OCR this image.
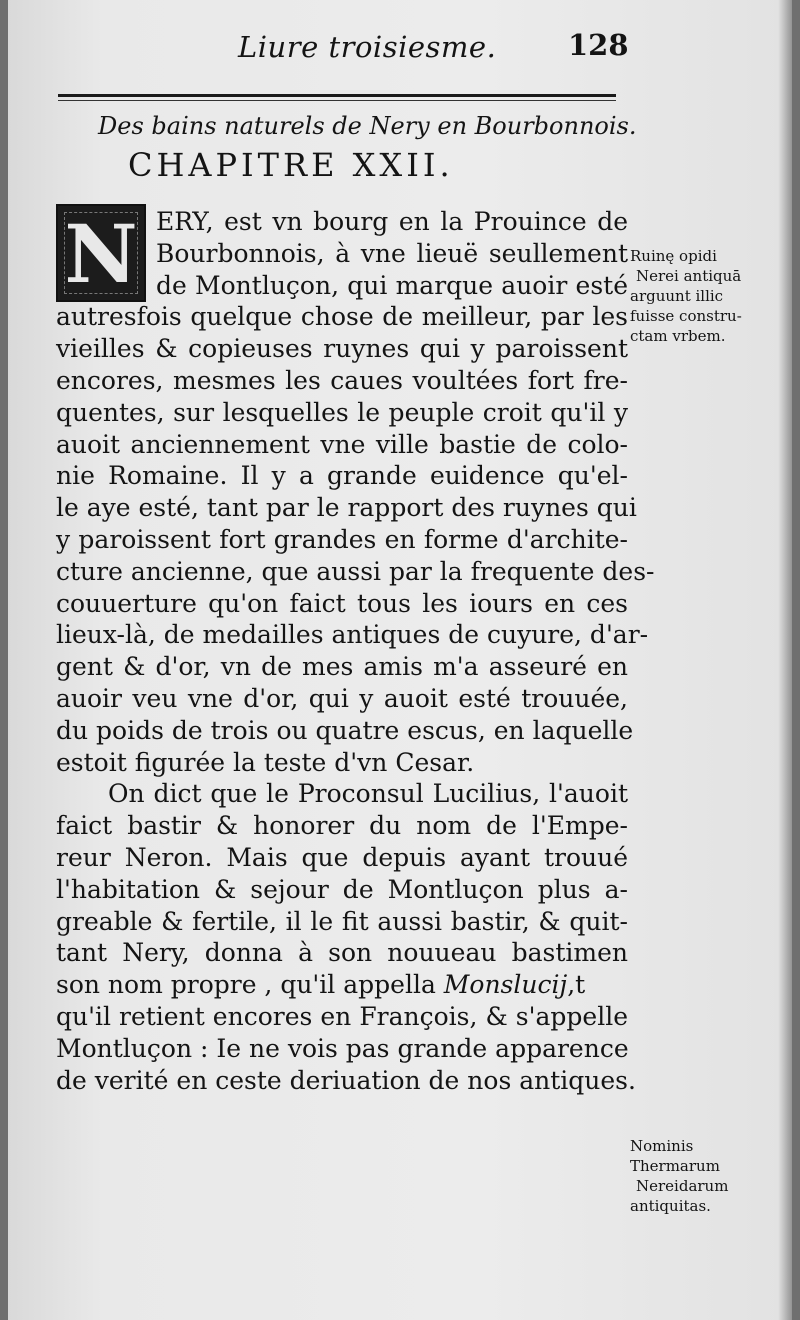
Liure troisiesme. 128
Des bains naturels de Nery en Bourbonnois.
CHAPITRE XXII.
N ERY, est vn bourg en la Prouince de
Bourbonnois, à vne lieuë seullement
de Montluçon, qui marque auoir esté
autresfois quelque chose de meilleur, par les
vieilles & copieuses ruynes qui y paroissent
encores, mesmes les caues voultées fort fre-
quentes, sur lesquelles le peuple croit qu'il y
auoit anciennement vne ville bastie de colo-
nie Romaine. Il y a grande euidence qu'el-
le aye esté, tant par le rapport des ruynes qui
y paroissent fort grandes en forme d'archite-
cture ancienne, que aussi par la frequente des-
couuerture qu'on faict tous les iours en ces
lieux-là, de medailles antiques de cuyure, d'ar-
gent & d'or, vn de mes amis m'a asseuré en
auoir veu vne d'or, qui y auoit esté trouuée,
du poids de trois ou quatre escus, en laquelle
estoit figurée la teste d'vn Cesar.
On dict que le Proconsul Lucilius, l'auoit
faict bastir & honorer du nom de l'Empe-
reur Neron. Mais que depuis ayant trouué
l'habitation & sejour de Montluçon plus a-
greable & fertile, il le fit aussi bastir, & quit-
tant Nery, donna à son nouueau bastimen
son nom propre , qu'il appella Monslucij,t
qu'il retient encores en François, & s'appelle
Montluçon : Ie ne vois pas grande apparence
de verité en ceste deriuation de nos antiques.
Ruinę opidi
Nerei antiquā
arguunt illic
fuisse constru-
ctam vrbem.
Nominis
Thermarum
Nereidarum
antiquitas.
